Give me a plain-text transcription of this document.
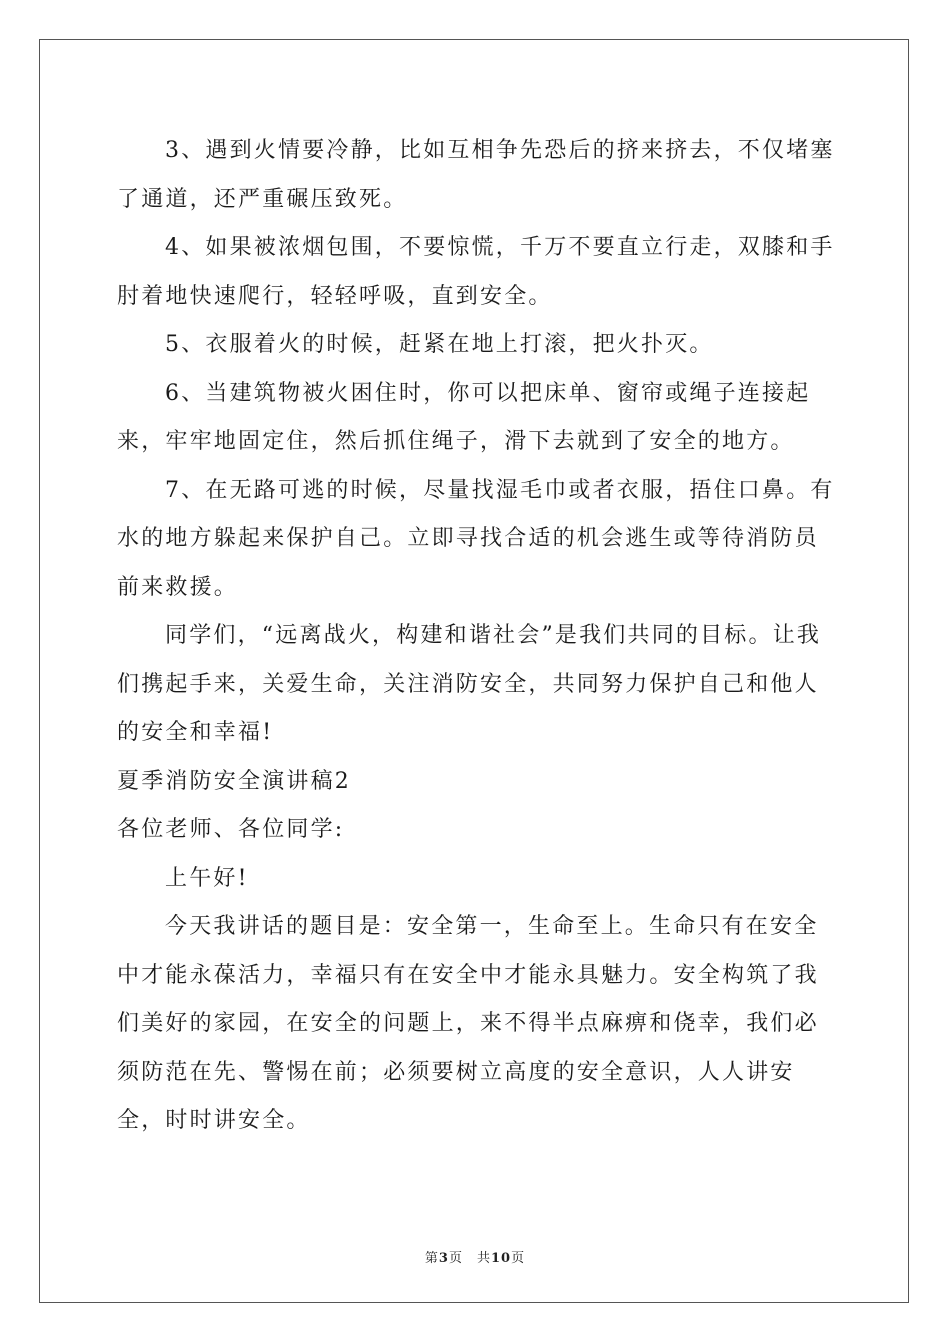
3、遇到火情要冷静，比如互相争先恐后的挤来挤去，不仅堵塞了通道，还严重碾压致死。

4、如果被浓烟包围，不要惊慌，千万不要直立行走，双膝和手肘着地快速爬行，轻轻呼吸，直到安全。

5、衣服着火的时候，赶紧在地上打滚，把火扑灭。

6、当建筑物被火困住时，你可以把床单、窗帘或绳子连接起来，牢牢地固定住，然后抓住绳子，滑下去就到了安全的地方。

7、在无路可逃的时候，尽量找湿毛巾或者衣服，捂住口鼻。有水的地方躲起来保护自己。立即寻找合适的机会逃生或等待消防员前来救援。

同学们，“远离战火，构建和谐社会”是我们共同的目标。让我们携起手来，关爱生命，关注消防安全，共同努力保护自己和他人的安全和幸福!

夏季消防安全演讲稿2

各位老师、各位同学:

上午好!

今天我讲话的题目是：安全第一，生命至上。生命只有在安全中才能永葆活力，幸福只有在安全中才能永具魅力。安全构筑了我们美好的家园，在安全的问题上，来不得半点麻痹和侥幸，我们必须防范在先、警惕在前；必须要树立高度的安全意识，人人讲安全，时时讲安全。

第3页 共10页
